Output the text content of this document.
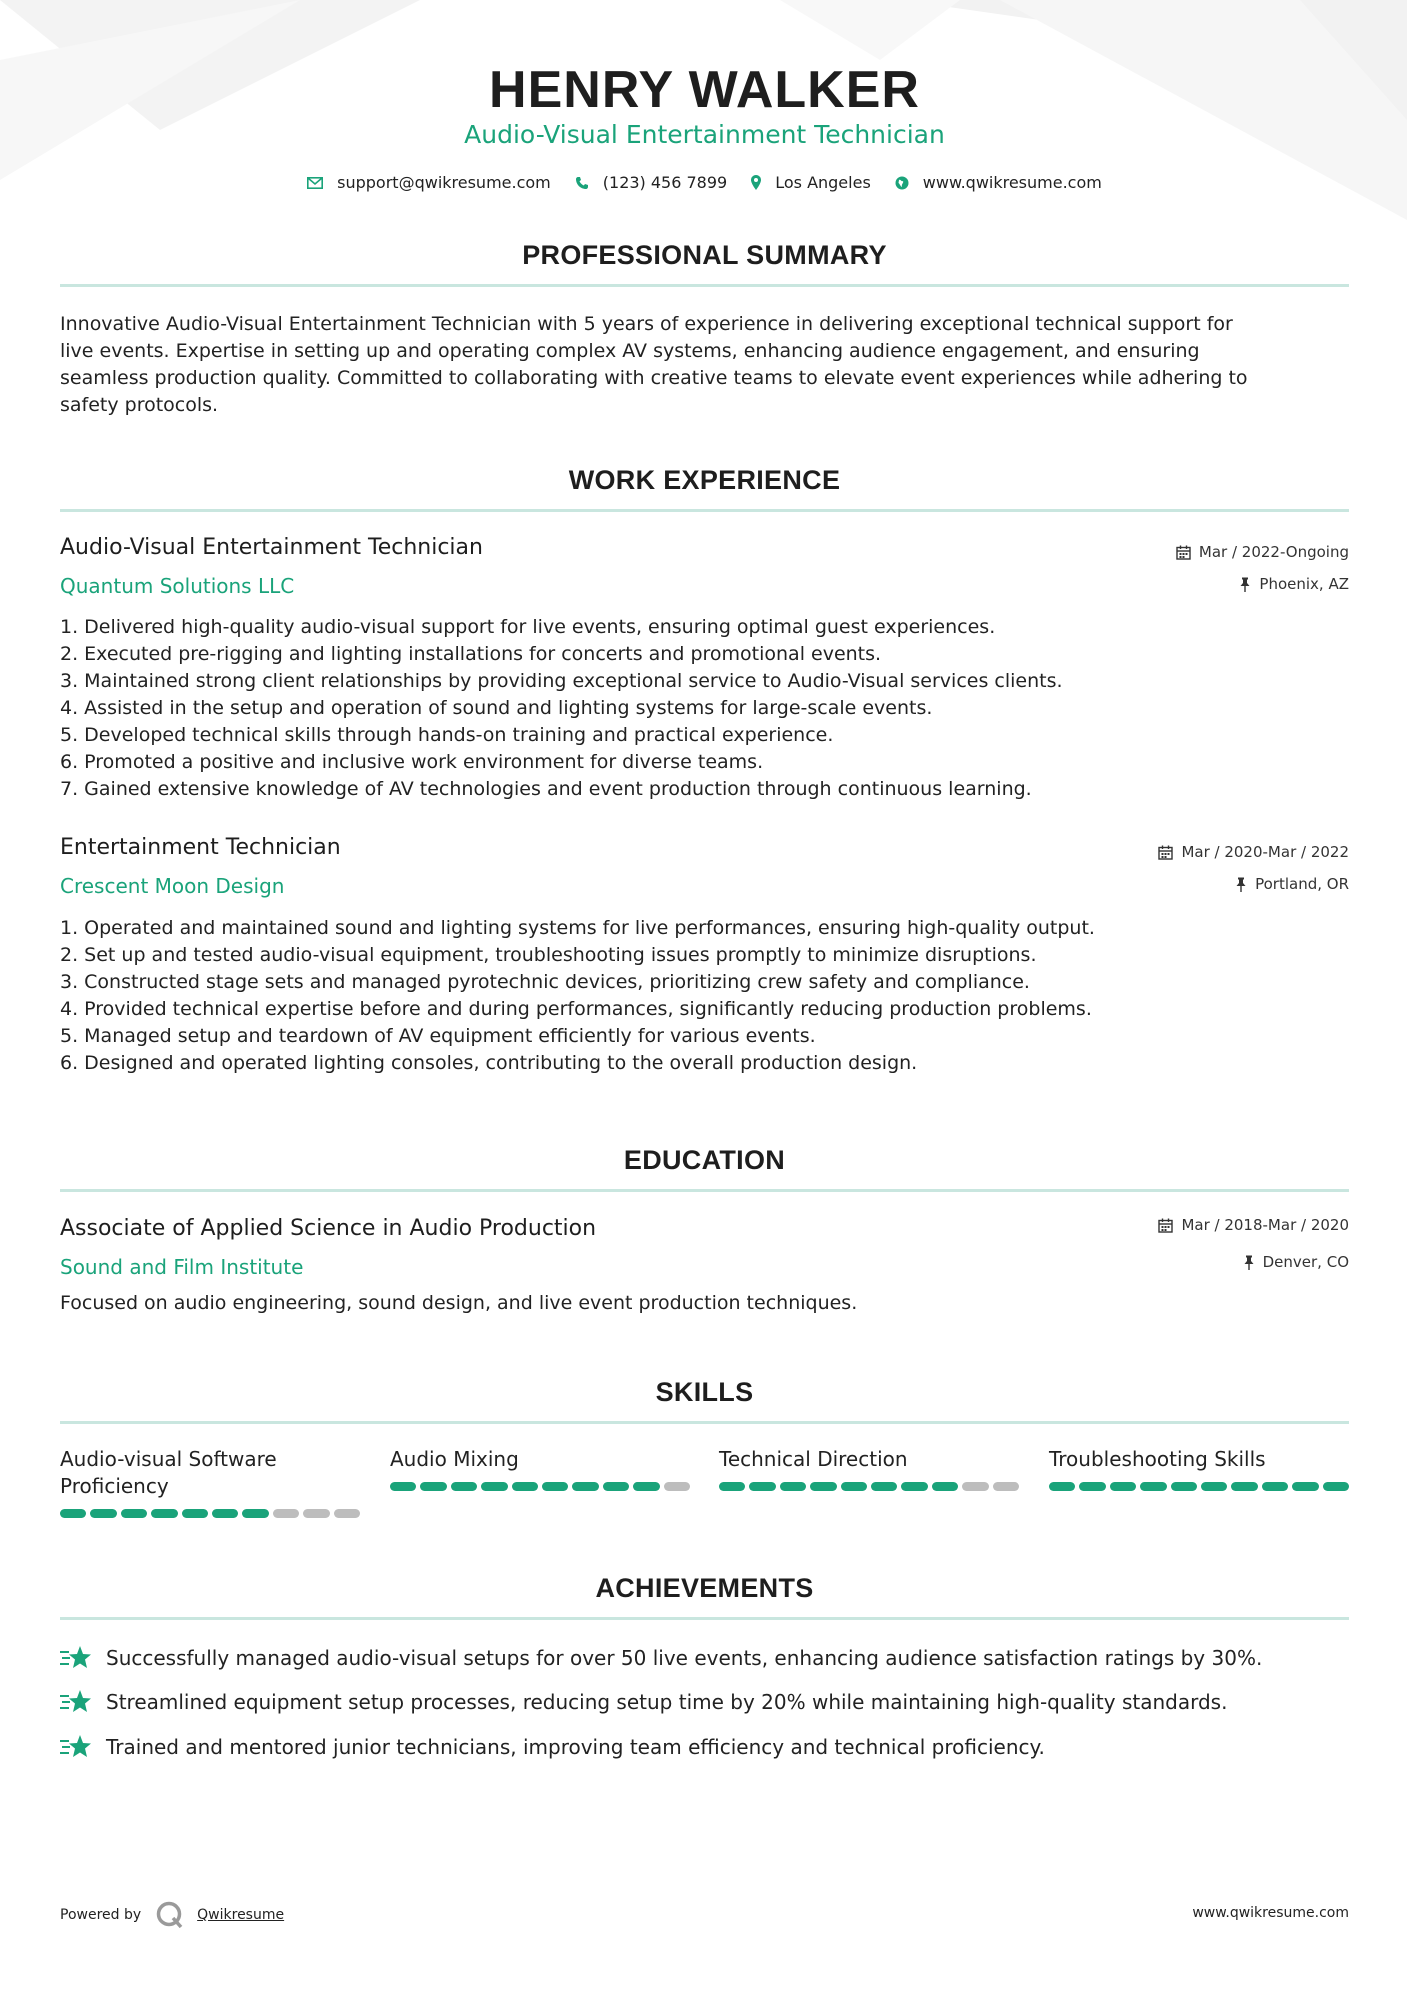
HENRY WALKER
Audio-Visual Entertainment Technician
support@qwikresume.com	(123) 456 7899	Los Angeles	www.qwikresume.com
PROFESSIONAL SUMMARY
Innovative Audio-Visual Entertainment Technician with 5 years of experience in delivering exceptional technical support for
live events. Expertise in setting up and operating complex AV systems, enhancing audience engagement, and ensuring
seamless production quality. Committed to collaborating with creative teams to elevate event experiences while adhering to
safety protocols.
WORK EXPERIENCE
Audio-Visual Entertainment Technician
Quantum Solutions LLC
Mar / 2022-Ongoing
Phoenix, AZ
1. Delivered high-quality audio-visual support for live events, ensuring optimal guest experiences.
2. Executed pre-rigging and lighting installations for concerts and promotional events.
3. Maintained strong client relationships by providing exceptional service to Audio-Visual services clients.
4. Assisted in the setup and operation of sound and lighting systems for large-scale events.
5. Developed technical skills through hands-on training and practical experience.
6. Promoted a positive and inclusive work environment for diverse teams.
7. Gained extensive knowledge of AV technologies and event production through continuous learning.
Entertainment Technician
Crescent Moon Design
Mar / 2020-Mar / 2022
Portland, OR
1. Operated and maintained sound and lighting systems for live performances, ensuring high-quality output.
2. Set up and tested audio-visual equipment, troubleshooting issues promptly to minimize disruptions.
3. Constructed stage sets and managed pyrotechnic devices, prioritizing crew safety and compliance.
4. Provided technical expertise before and during performances, significantly reducing production problems.
5. Managed setup and teardown of AV equipment efficiently for various events.
6. Designed and operated lighting consoles, contributing to the overall production design.
EDUCATION
Associate of Applied Science in Audio Production
Sound and Film Institute
Mar / 2018-Mar / 2020
Denver, CO
Focused on audio engineering, sound design, and live event production techniques.
SKILLS
Audio-visual Software
Proficiency
Audio Mixing	Technical Direction	Troubleshooting Skills
ACHIEVEMENTS
Successfully managed audio-visual setups for over 50 live events, enhancing audience satisfaction ratings by 30%.
Streamlined equipment setup processes, reducing setup time by 20% while maintaining high-quality standards.
Trained and mentored junior technicians, improving team efficiency and technical proficiency.
Powered by	Qwikresume	www.qwikresume.com
